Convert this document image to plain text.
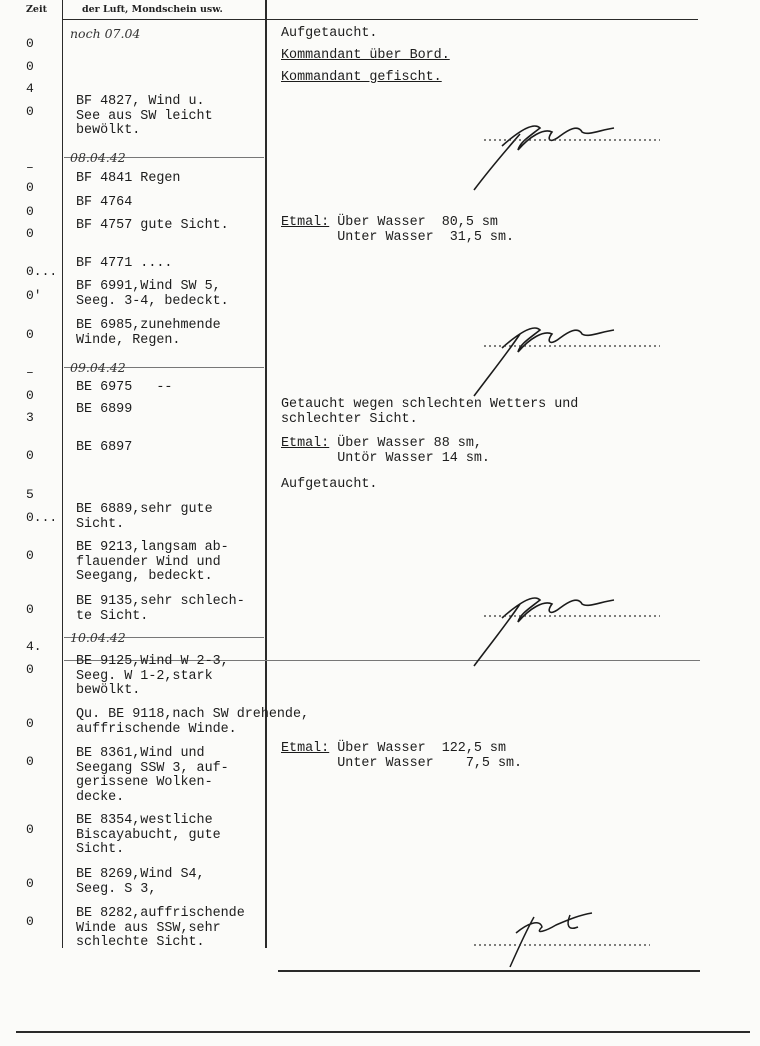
Zeit	der Luft, Mondschein usw.
0
0
4
0
–
0
0
0
0...
0'
0
–
0
3
0
5
0...
0
0
4.
0
0
0
0
0
0
noch 07.04
08.04.42
09.04.42
10.04.42
BF 4827, Wind u.
See aus SW leicht
bewölkt.
BF 4841 Regen
BF 4764
BF 4757 gute Sicht.
BF 4771 ....
BF 6991,Wind SW 5,
Seeg. 3-4, bedeckt.
BE 6985,zunehmende
Winde, Regen.
BE 6975   --
BE 6899
BE 6897
BE 6889,sehr gute
Sicht.
BE 9213,langsam ab-
flauender Wind und
Seegang, bedeckt.
BE 9135,sehr schlech-
te Sicht.
BE 9125,Wind W 2-3,
Seeg. W 1-2,stark
bewölkt.
Qu. BE 9118,nach SW drehende,
auffrischende Winde.
BE 8361,Wind und
Seegang SSW 3, auf-
gerissene Wolken-
decke.
BE 8354,westliche
Biscayabucht, gute
Sicht.
BE 8269,Wind S4,
Seeg. S 3,
BE 8282,auffrischende
Winde aus SSW,sehr
schlechte Sicht.
Aufgetaucht.
Kommandant über Bord.
Kommandant gefischt.
Getaucht wegen schlechten Wetters und
schlechter Sicht.
Aufgetaucht.
Etmal: Über Wasser  80,5 sm
Unter Wasser  31,5 sm.
Etmal: Über Wasser 88 sm,
Untör Wasser 14 sm.
Etmal: Über Wasser  122,5 sm
Unter Wasser    7,5 sm.
